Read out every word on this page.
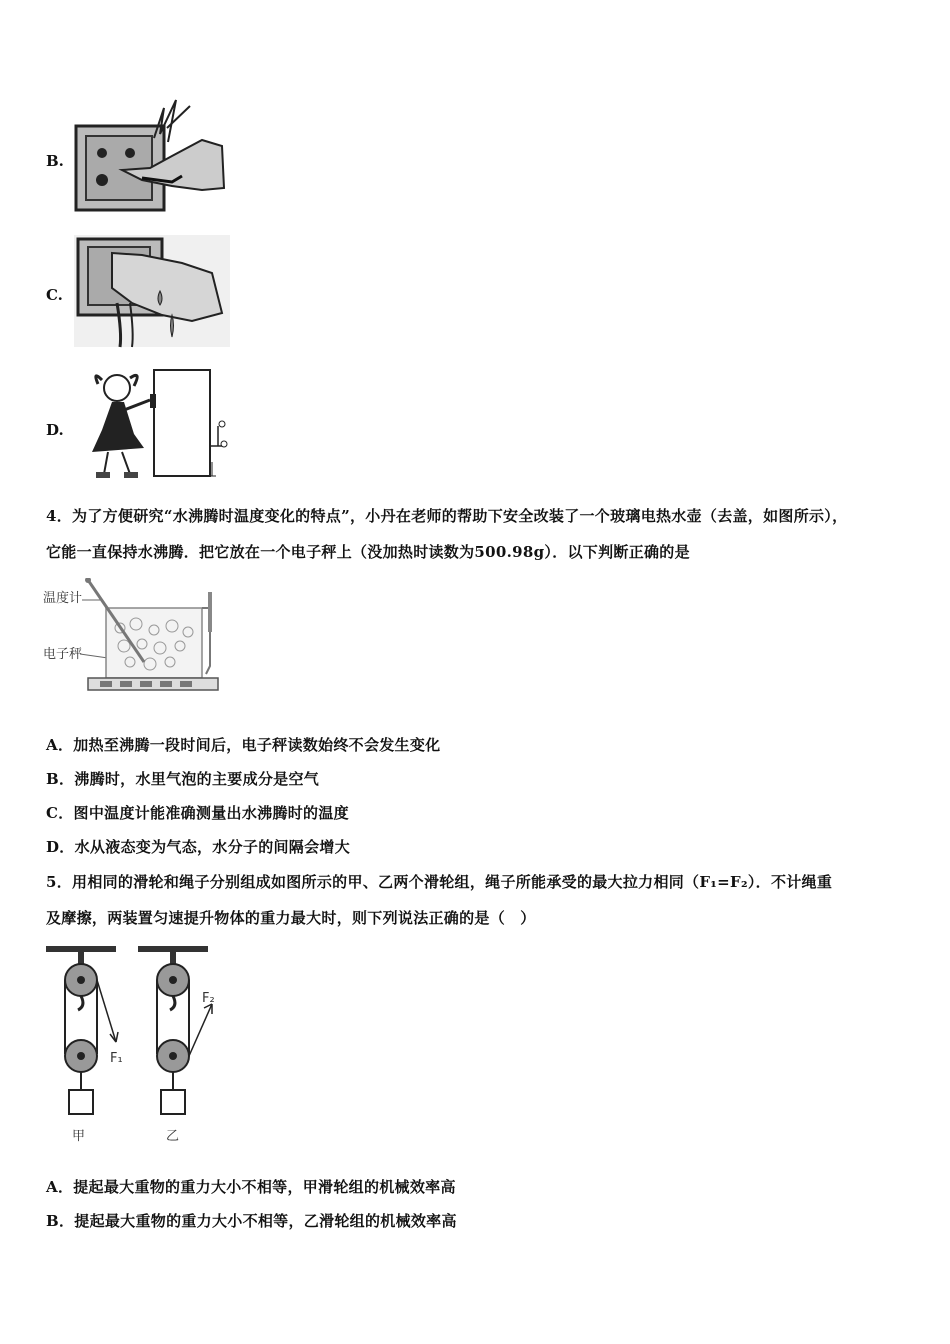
B.
C.
D.
4．为了方便研究“水沸腾时温度变化的特点”，小丹在老师的帮助下安全改装了一个玻璃电热水壶（去盖，如图所示），
它能一直保持水沸腾．把它放在一个电子秤上（没加热时读数为500.98g）．以下判断正确的是
温度计
电子秤
A．加热至沸腾一段时间后，电子秤读数始终不会发生变化
B．沸腾时，水里气泡的主要成分是空气
C．图中温度计能准确测量出水沸腾时的温度
D．水从液态变为气态，水分子的间隔会增大
5．用相同的滑轮和绳子分别组成如图所示的甲、乙两个滑轮组，绳子所能承受的最大拉力相同（F₁=F₂）．不计绳重
及摩擦，两装置匀速提升物体的重力最大时，则下列说法正确的是（　）
F₁
甲
F₂
乙
A．提起最大重物的重力大小不相等，甲滑轮组的机械效率高
B．提起最大重物的重力大小不相等，乙滑轮组的机械效率高
